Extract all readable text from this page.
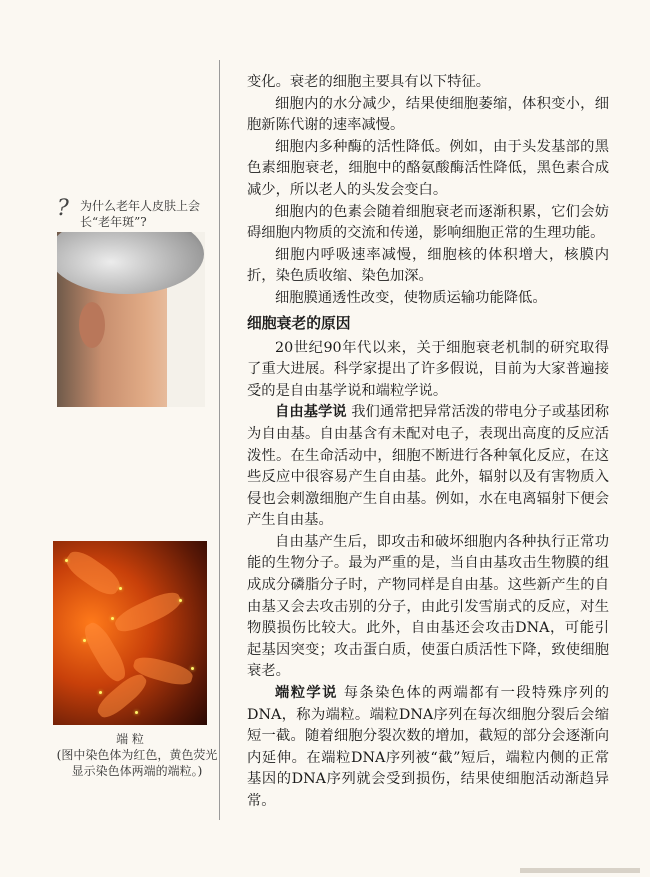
? 为什么老年人皮肤上会长“老年斑”?
端 粒
(图中染色体为红色，黄色荧光显示染色体两端的端粒。)

变化。衰老的细胞主要具有以下特征。

细胞内的水分减少，结果使细胞萎缩，体积变小，细胞新陈代谢的速率减慢。

细胞内多种酶的活性降低。例如，由于头发基部的黑色素细胞衰老，细胞中的酪氨酸酶活性降低，黑色素合成减少，所以老人的头发会变白。

细胞内的色素会随着细胞衰老而逐渐积累，它们会妨碍细胞内物质的交流和传递，影响细胞正常的生理功能。

细胞内呼吸速率减慢，细胞核的体积增大，核膜内折，染色质收缩、染色加深。

细胞膜通透性改变，使物质运输功能降低。

细胞衰老的原因

20世纪90年代以来，关于细胞衰老机制的研究取得了重大进展。科学家提出了许多假说，目前为大家普遍接受的是自由基学说和端粒学说。

自由基学说 我们通常把异常活泼的带电分子或基团称为自由基。自由基含有未配对电子，表现出高度的反应活泼性。在生命活动中，细胞不断进行各种氧化反应，在这些反应中很容易产生自由基。此外，辐射以及有害物质入侵也会刺激细胞产生自由基。例如，水在电离辐射下便会产生自由基。

自由基产生后，即攻击和破坏细胞内各种执行正常功能的生物分子。最为严重的是，当自由基攻击生物膜的组成成分磷脂分子时，产物同样是自由基。这些新产生的自由基又会去攻击别的分子，由此引发雪崩式的反应，对生物膜损伤比较大。此外，自由基还会攻击DNA，可能引起基因突变；攻击蛋白质，使蛋白质活性下降，致使细胞衰老。

端粒学说 每条染色体的两端都有一段特殊序列的DNA，称为端粒。端粒DNA序列在每次细胞分裂后会缩短一截。随着细胞分裂次数的增加，截短的部分会逐渐向内延伸。在端粒DNA序列被“截”短后，端粒内侧的正常基因的DNA序列就会受到损伤，结果使细胞活动渐趋异常。
